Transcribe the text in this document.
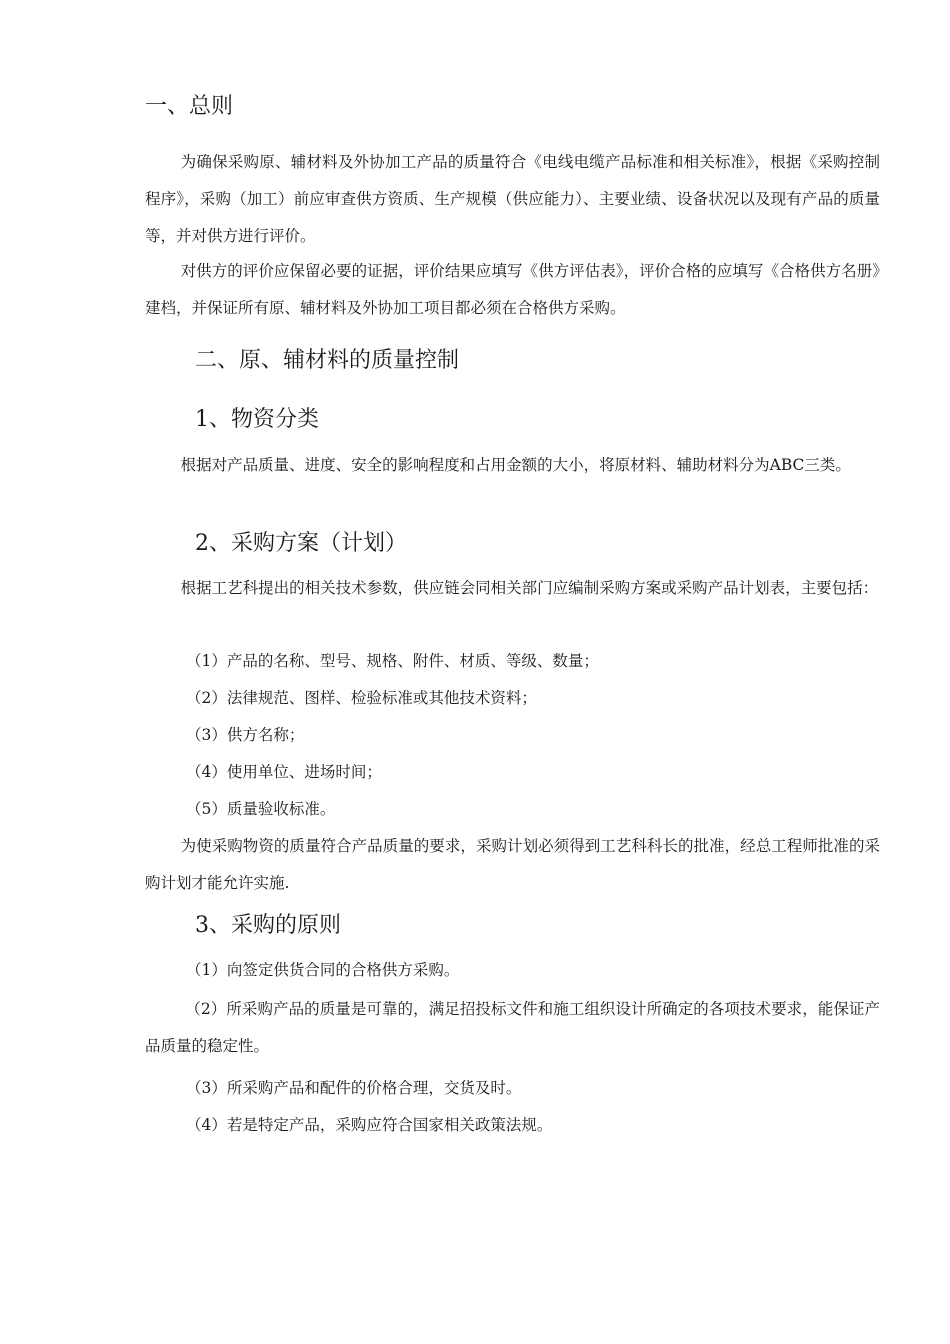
一、总则

为确保采购原、辅材料及外协加工产品的质量符合《电线电缆产品标准和相关标准》，根据《采购控制程序》，采购（加工）前应审查供方资质、生产规模（供应能力）、主要业绩、设备状况以及现有产品的质量等，并对供方进行评价。

对供方的评价应保留必要的证据，评价结果应填写《供方评估表》，评价合格的应填写《合格供方名册》建档，并保证所有原、辅材料及外协加工项目都必须在合格供方采购。

二、原、辅材料的质量控制
1、物资分类

根据对产品质量、进度、安全的影响程度和占用金额的大小，将原材料、辅助材料分为ABC三类。

2、采购方案（计划）

根据工艺科提出的相关技术参数，供应链会同相关部门应编制采购方案或采购产品计划表，主要包括：

（1）产品的名称、型号、规格、附件、材质、等级、数量；

（2）法律规范、图样、检验标准或其他技术资料；

（3）供方名称；

（4）使用单位、进场时间；

（5）质量验收标准。

为使采购物资的质量符合产品质量的要求，采购计划必须得到工艺科科长的批准，经总工程师批准的采购计划才能允许实施.

3、采购的原则

（1）向签定供货合同的合格供方采购。

（2）所采购产品的质量是可靠的，满足招投标文件和施工组织设计所确定的各项技术要求，能保证产品质量的稳定性。

（3）所采购产品和配件的价格合理，交货及时。

（4）若是特定产品，采购应符合国家相关政策法规。
